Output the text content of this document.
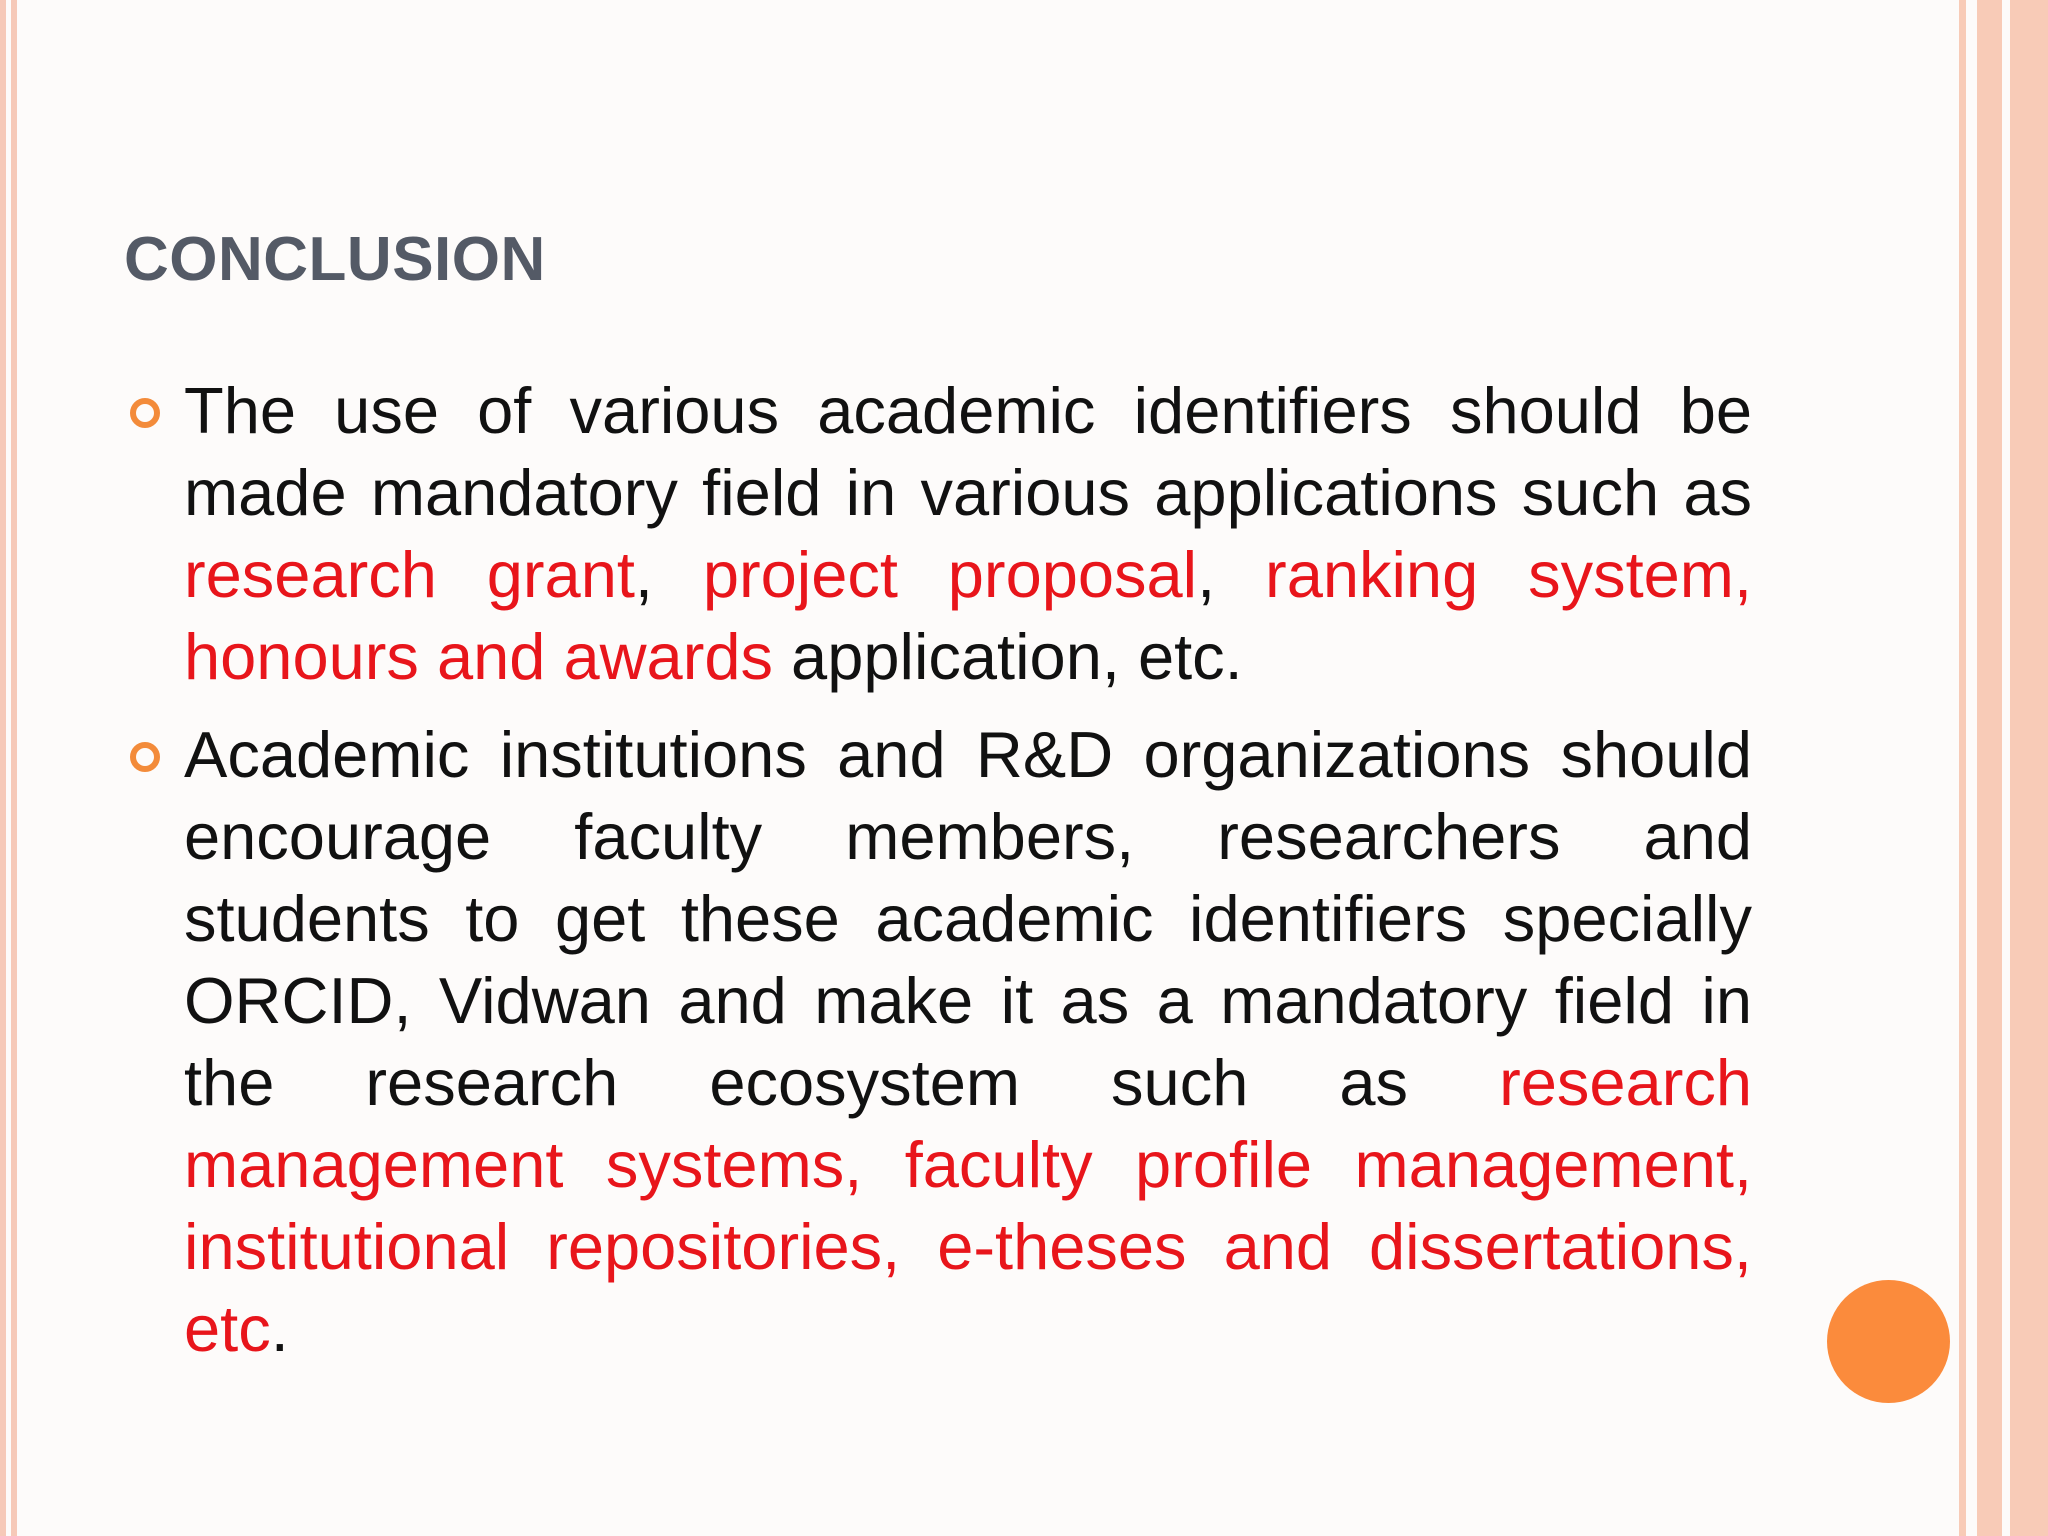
CONCLUSION
The use of various academic identifiers should be made mandatory field in various applications such as research grant, project proposal, ranking system, honours and awards application, etc.
Academic institutions and R&D organizations should encourage faculty members, researchers and students to get these academic identifiers specially ORCID, Vidwan and make it as a mandatory field in the research ecosystem such as research management systems, faculty profile management, institutional repositories, e-theses and dissertations, etc.
